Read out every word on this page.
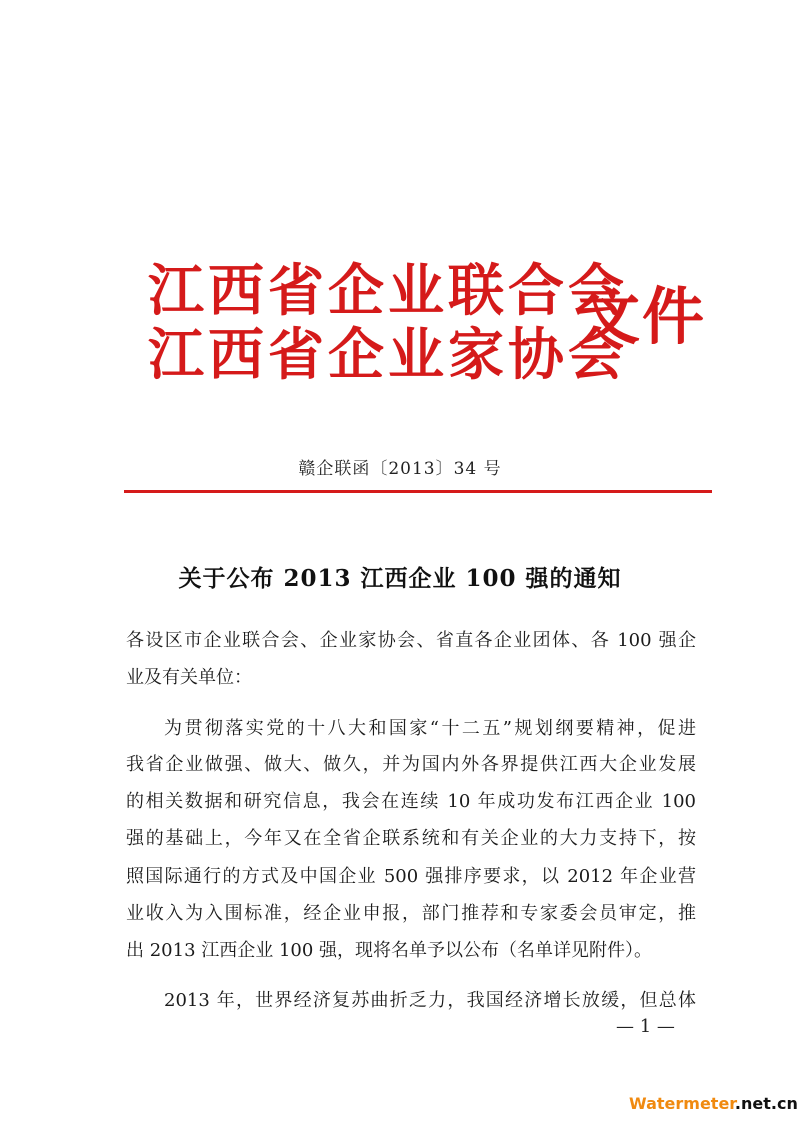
江西省企业联合会
江西省企业家协会
文件
赣企联函〔2013〕34 号
关于公布 2013 江西企业 100 强的通知
各设区市企业联合会、企业家协会、省直各企业团体、各 100 强企
业及有关单位：
为贯彻落实党的十八大和国家“十二五”规划纲要精神，促进
我省企业做强、做大、做久，并为国内外各界提供江西大企业发展
的相关数据和研究信息，我会在连续 10 年成功发布江西企业 100
强的基础上，今年又在全省企联系统和有关企业的大力支持下，按
照国际通行的方式及中国企业 500 强排序要求，以 2012 年企业营
业收入为入围标准，经企业申报，部门推荐和专家委会员审定，推
出 2013 江西企业 100 强，现将名单予以公布（名单详见附件）。
2013 年，世界经济复苏曲折乏力，我国经济增长放缓，但总体
— 1 —
Watermeter.net.cn
